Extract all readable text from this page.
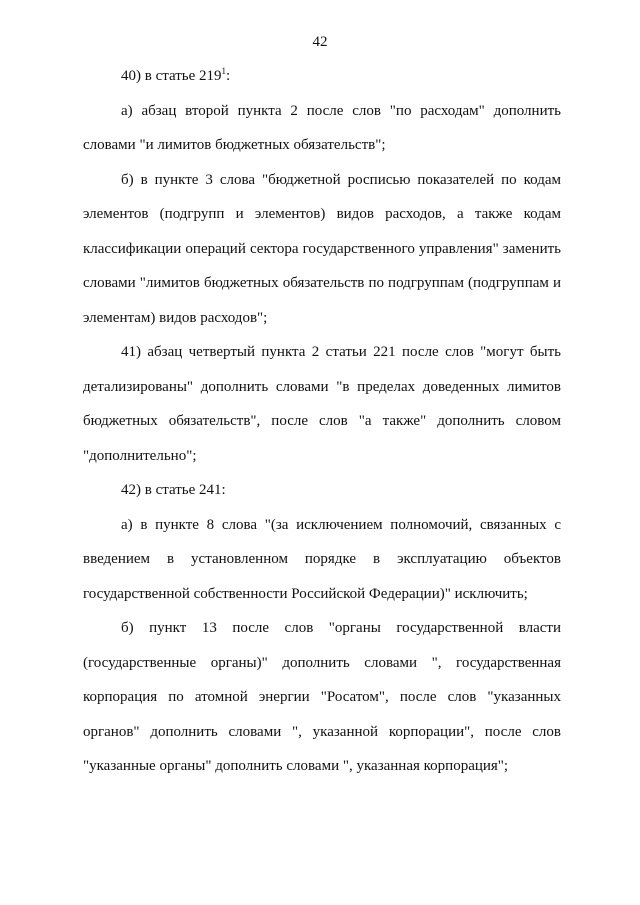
42

40) в статье $219^1$:

а) абзац второй пункта 2 после слов "по расходам" дополнить словами "и лимитов бюджетных обязательств";

б) в пункте 3 слова "бюджетной росписью показателей по кодам элементов (подгрупп и элементов) видов расходов, а также кодам классификации операций сектора государственного управления" заменить словами "лимитов бюджетных обязательств по подгруппам (подгруппам и элементам) видов расходов";

41) абзац четвертый пункта 2 статьи 221 после слов "могут быть детализированы" дополнить словами "в пределах доведенных лимитов бюджетных обязательств", после слов "а также" дополнить словом "дополнительно";

42) в статье 241:

а) в пункте 8 слова "(за исключением полномочий, связанных с введением в установленном порядке в эксплуатацию объектов государственной собственности Российской Федерации)" исключить;

б) пункт 13 после слов "органы государственной власти (государственные органы)" дополнить словами ", государственная корпорация по атомной энергии "Росатом", после слов "указанных органов" дополнить словами ", указанной корпорации", после слов "указанные органы" дополнить словами ", указанная корпорация";
